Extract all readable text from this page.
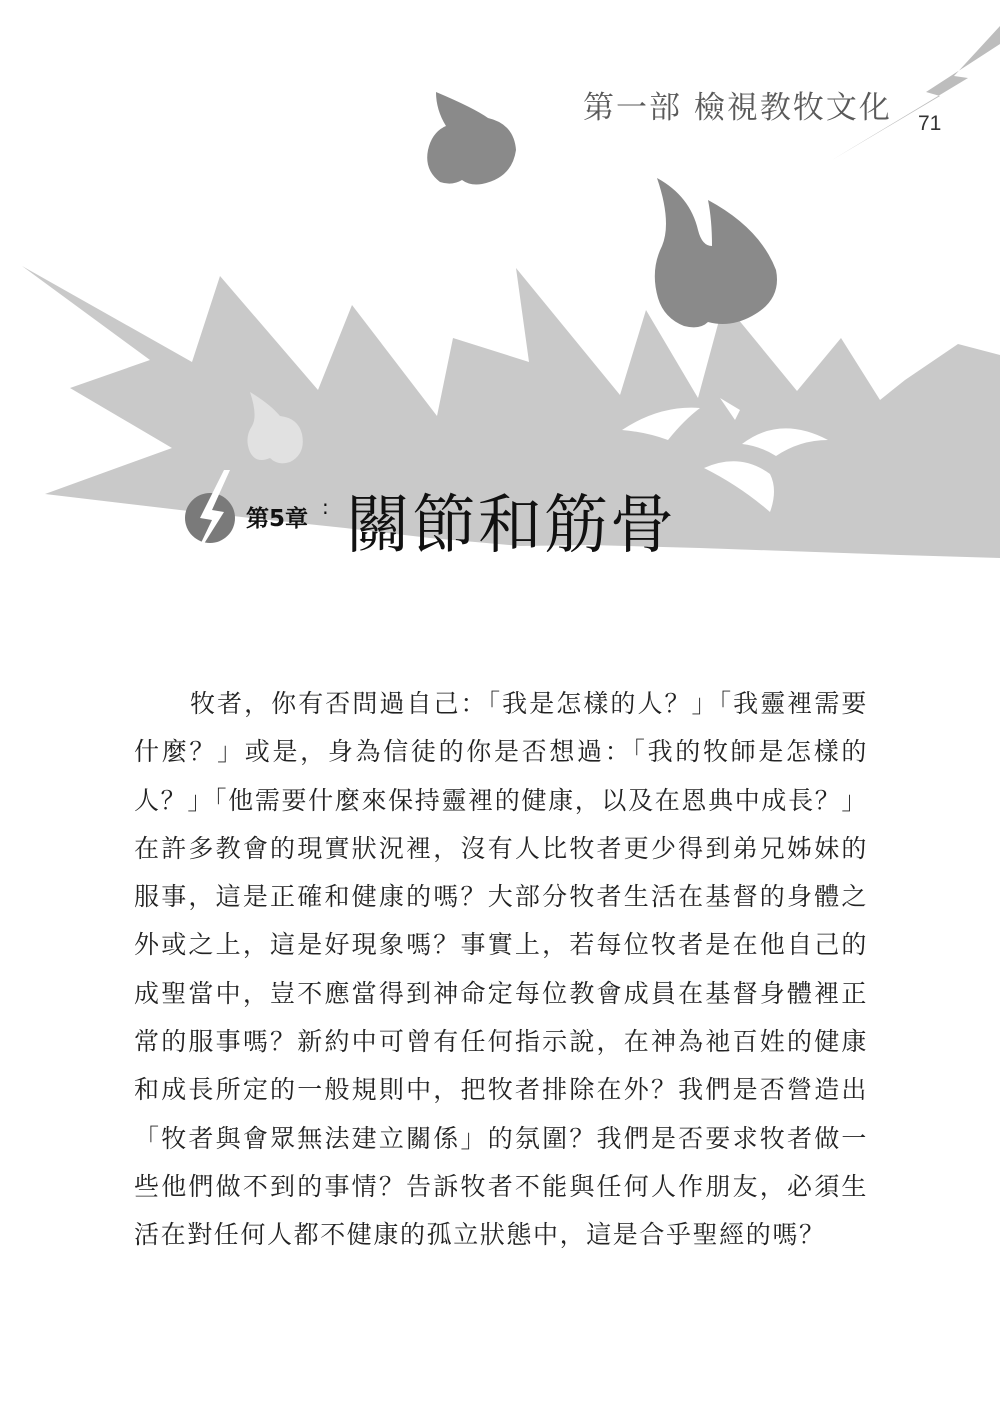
第一部 檢視教牧文化 71
第5章 : 關節和筋骨

牧者，你有否問過自己：「我是怎樣的人？」「我靈裡需要什麼？」或是，身為信徒的你是否想過：「我的牧師是怎樣的人？」「他需要什麼來保持靈裡的健康，以及在恩典中成長？」在許多教會的現實狀況裡，沒有人比牧者更少得到弟兄姊妹的服事，這是正確和健康的嗎？大部分牧者生活在基督的身體之外或之上，這是好現象嗎？事實上，若每位牧者是在他自己的成聖當中，豈不應當得到神命定每位教會成員在基督身體裡正常的服事嗎？新約中可曾有任何指示說，在神為祂百姓的健康和成長所定的一般規則中，把牧者排除在外？我們是否營造出「牧者與會眾無法建立關係」的氛圍？我們是否要求牧者做一些他們做不到的事情？告訴牧者不能與任何人作朋友，必須生活在對任何人都不健康的孤立狀態中，這是合乎聖經的嗎？
